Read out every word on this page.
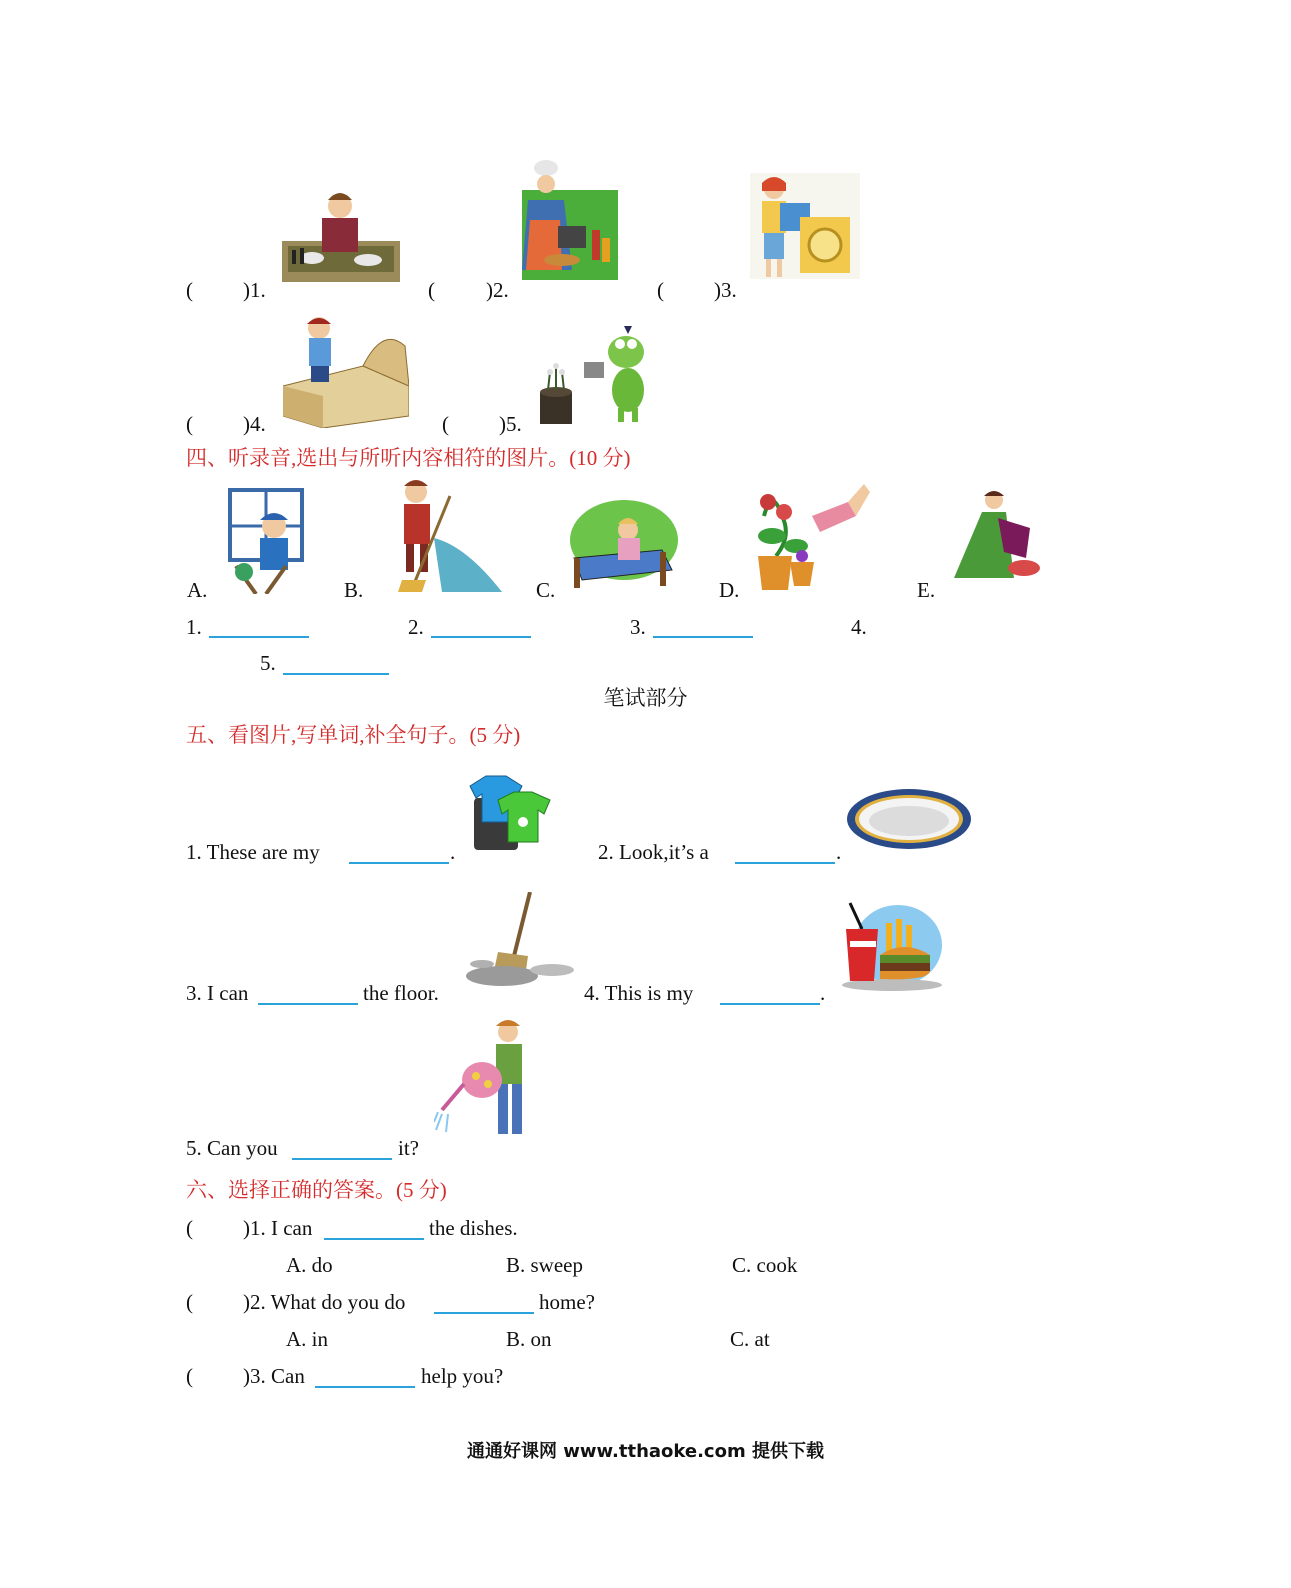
( )1.	( )2.	( )3.
( )4.	( )5.
四、听录音,选出与所听内容相符的图片。(10 分)
A.	B.	C.	D.	E.
1.	2.	3.	4.
5.
笔试部分
五、看图片,写单词,补全句子。(5 分)
1. These are my	.	2. Look,it’s a	.
3. I can	the floor.	4. This is my	.
5. Can you	it?
六、选择正确的答案。(5 分)
( )1. I can	the dishes.
A. do	B. sweep	C. cook
( )2. What do you do	home?
A. in	B. on	C. at
( )3. Can	help you?
通通好课网 www.tthaoke.com 提供下载
